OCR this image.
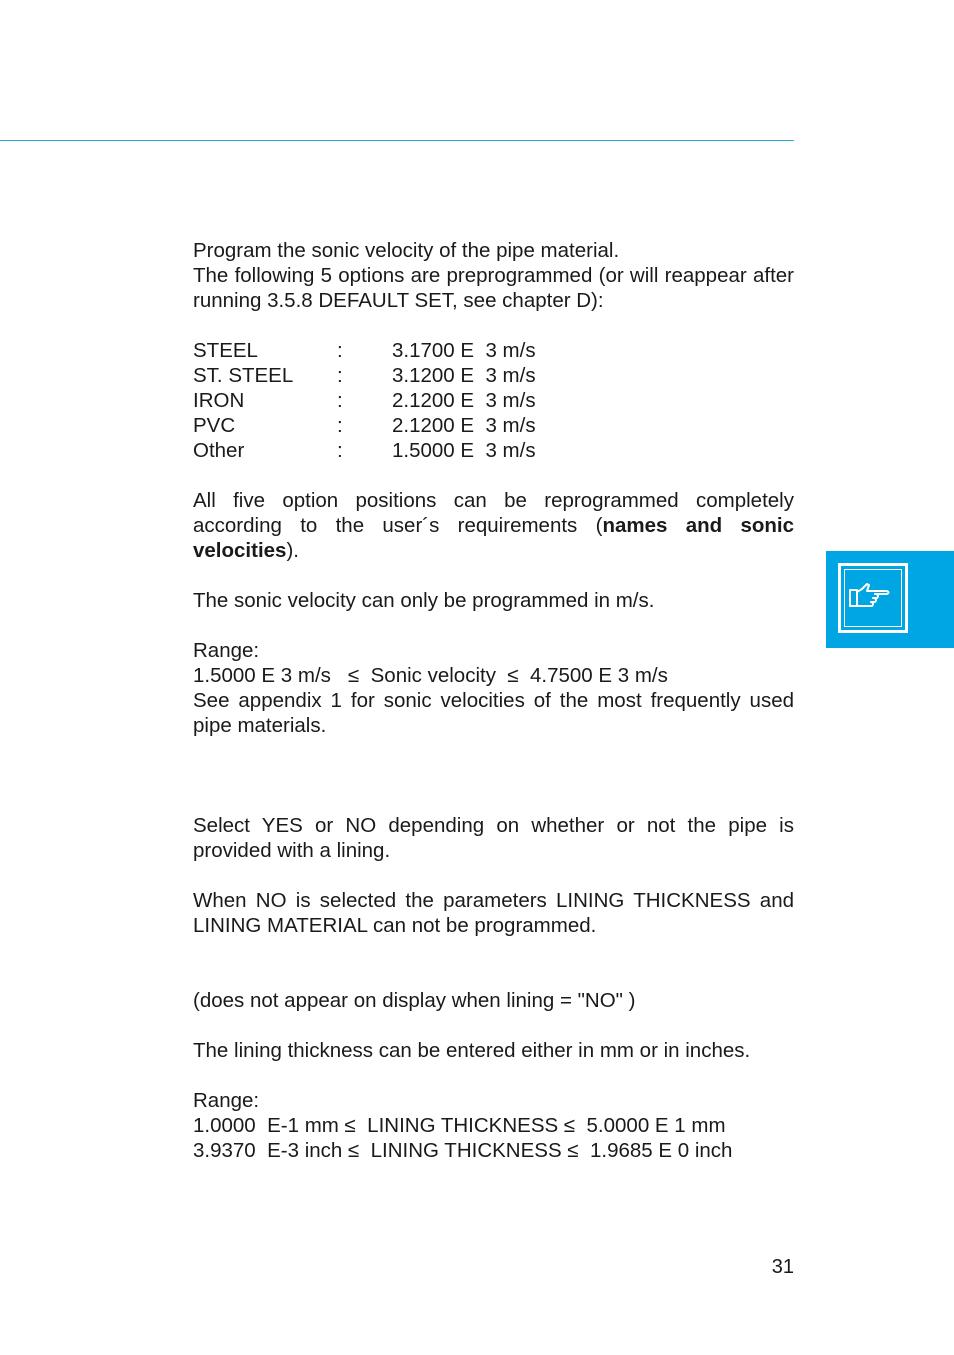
Program the sonic velocity of the pipe material.

The following 5 options are preprogrammed (or will reappear after running 3.5.8 DEFAULT SET, see chapter D):

STEEL	:	3.1700 E  3 m/s
ST. STEEL	:	3.1200 E  3 m/s
IRON	:	2.1200 E  3 m/s
PVC	:	2.1200 E  3 m/s
Other	:	1.5000 E  3 m/s

All five option positions can be reprogrammed completely according to the user´s requirements (names and sonic velocities).

The sonic velocity can only be programmed in m/s.

Range:

1.5000 E 3 m/s   ≤  Sonic velocity  ≤  4.7500 E 3 m/s

See appendix 1 for sonic velocities of the most frequently used pipe materials.

Select YES or NO depending on whether or not the pipe is provided with a lining.

When NO is selected the parameters LINING THICKNESS and LINING MATERIAL can not be programmed.

(does not appear on display when lining = "NO" )

The lining thickness can be entered either in mm or in inches.

Range:

1.0000  E-1 mm ≤  LINING THICKNESS ≤  5.0000 E 1 mm

3.9370  E-3 inch ≤  LINING THICKNESS ≤  1.9685 E 0 inch

31
